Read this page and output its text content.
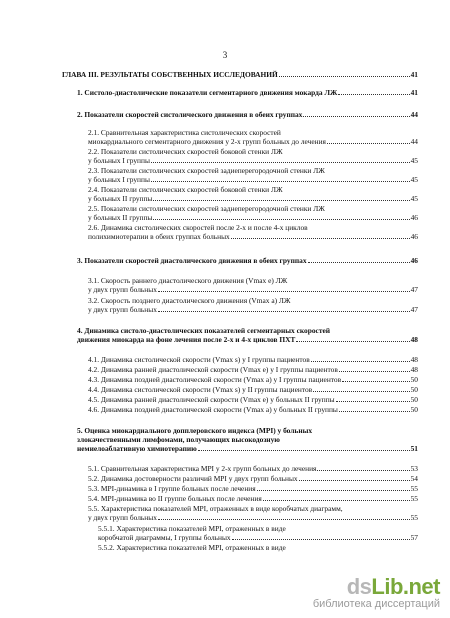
3
ГЛАВА III. РЕЗУЛЬТАТЫ СОБСТВЕННЫХ ИССЛЕДОВАНИЙ	41
1. Систоло-диастолические показатели сегментарного движения мокарда ЛЖ	41
2. Показатели скоростей систолического движения в обеих группах	44
2.1. Сравнительная характеристика систолических скоростей
миокардиального сегментарного движения у 2-х групп больных до лечения	44
2.2. Показатели систолических скоростей боковой стенки ЛЖ
у больных I группы	45
2.3. Показатели систолических скоростей задиеперегородочной стенки ЛЖ
у больных I группы	45
2.4. Показатели систолических скоростей боковой стенки ЛЖ
у больных II группы	45
2.5. Показатели систолических скоростей заднеперегородочной стенки ЛЖ
у больных II группы	46
2.6. Динамика систолических скоростей после 2-х и после 4-х циклов
полихимиотерапии в обеих группах больных	46
3. Показатели скоростей диастолического движения в обеих группах	46
3.1. Скорость раннего диастолического движения (Vmax e) ЛЖ
у двух групп больных	47
3.2. Скорость позднего диастолического движения (Vmax a) ЛЖ
у двух групп больных	47
4. Динамика систоло-диастолических показателей сегментарных скоростей
движения миокарда на фоне лечения после 2-х и 4-х циклов ПХТ	48
4.1. Динамика систолической скорости (Vmax s) у I группы пациентов	48
4.2. Динамика ранней диастолической скорости (Vmax e) у I группы пациентов	48
4.3. Динамика поздней диастолической скорости (Vmax a) у I группы пациентов	50
4.4. Динамика систолической скорости (Vmax s) у II группы пациентов	50
4.5. Динамика ранней диастолической скорости (Vmax e) у больных II группы	50
4.6. Динамика поздней диастолической скорости (Vmax a) у больных II группы	50
5. Оценка миокардиального допплеровского индекса (MPI) у больных
злокачественными лимфомами, получающих высокодозную
немиелоаблативную химиотерапию	51
5.1. Сравнительная характеристика MPI у 2-х групп больных до лечения	53
5.2. Динамика достоверности различий MPI у двух групп больных	54
5.3. MPI-динамика в I группе больных после лечения	55
5.4. MPI-динамика во II группе больных после лечения	55
5.5. Характеристика показателей MPI, отраженных в виде коробчатых диаграмм,
у двух групп больных	55
5.5.1. Характеристика показателей MPI, отраженных в виде
коробчатой диаграммы, I группы больных	57
5.5.2. Характеристика показателей MPI, отраженных в виде
dsLib.net
библиотека диссертаций
